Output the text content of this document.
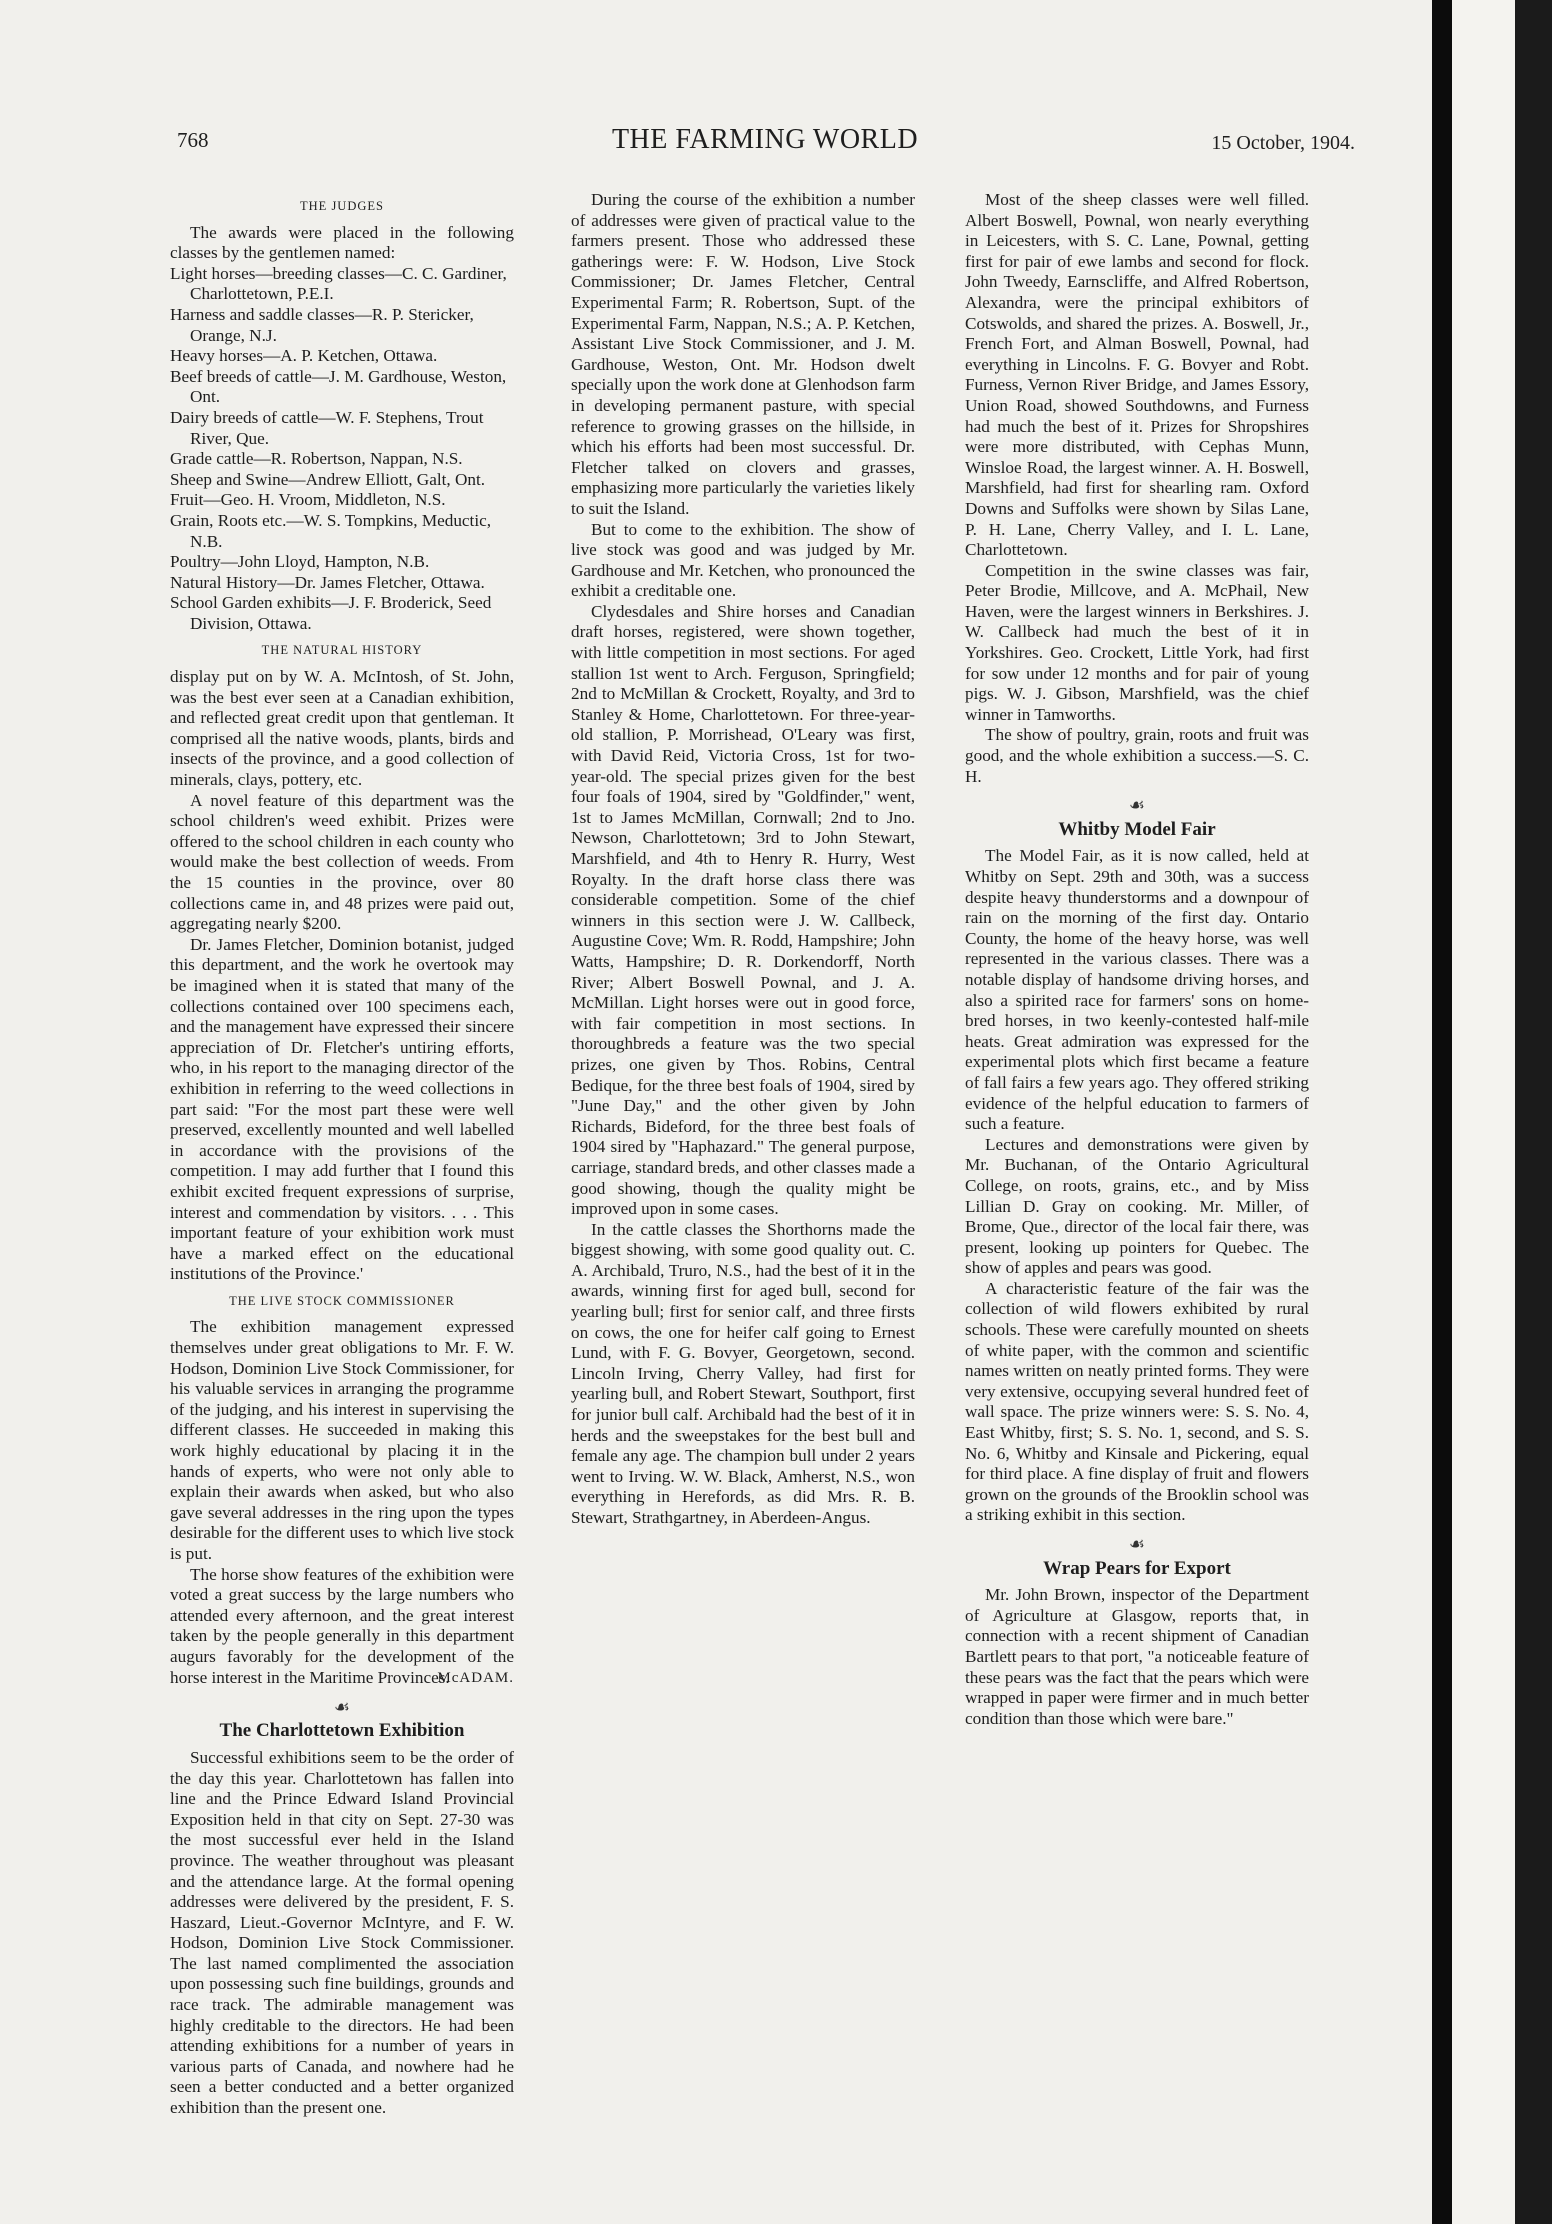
768	THE FARMING WORLD	15 October, 1904.
THE JUDGES

The awards were placed in the following classes by the gentlemen named:

Light horses—breeding classes—C. C. Gardiner, Charlottetown, P.E.I.
Harness and saddle classes—R. P. Stericker, Orange, N.J.
Heavy horses—A. P. Ketchen, Ottawa.
Beef breeds of cattle—J. M. Gardhouse, Weston, Ont.
Dairy breeds of cattle—W. F. Stephens, Trout River, Que.
Grade cattle—R. Robertson, Nappan, N.S.
Sheep and Swine—Andrew Elliott, Galt, Ont.
Fruit—Geo. H. Vroom, Middleton, N.S.
Grain, Roots etc.—W. S. Tompkins, Meductic, N.B.
Poultry—John Lloyd, Hampton, N.B.
Natural History—Dr. James Fletcher, Ottawa.
School Garden exhibits—J. F. Broderick, Seed Division, Ottawa.
THE NATURAL HISTORY

display put on by W. A. McIntosh, of St. John, was the best ever seen at a Canadian exhibition, and reflected great credit upon that gentleman. It comprised all the native woods, plants, birds and insects of the province, and a good collection of minerals, clays, pottery, etc.

A novel feature of this department was the school children's weed exhibit. Prizes were offered to the school children in each county who would make the best collection of weeds. From the 15 counties in the province, over 80 collections came in, and 48 prizes were paid out, aggregating nearly $200.

Dr. James Fletcher, Dominion botanist, judged this department, and the work he overtook may be imagined when it is stated that many of the collections contained over 100 specimens each, and the management have expressed their sincere appreciation of Dr. Fletcher's untiring efforts, who, in his report to the managing director of the exhibition in referring to the weed collections in part said: "For the most part these were well preserved, excellently mounted and well labelled in accordance with the provisions of the competition. I may add further that I found this exhibit excited frequent expressions of surprise, interest and commendation by visitors. . . . This important feature of your exhibition work must have a marked effect on the educational institutions of the Province.'

THE LIVE STOCK COMMISSIONER

The exhibition management expressed themselves under great obligations to Mr. F. W. Hodson, Dominion Live Stock Commissioner, for his valuable services in arranging the programme of the judging, and his interest in supervising the different classes. He succeeded in making this work highly educational by placing it in the hands of experts, who were not only able to explain their awards when asked, but who also gave several addresses in the ring upon the types desirable for the different uses to which live stock is put.

The horse show features of the exhibition were voted a great success by the large numbers who attended every afternoon, and the great interest taken by the people generally in this department augurs favorably for the development of the horse interest in the Maritime Provinces.

McADAM.
☙
The Charlottetown Exhibition

Successful exhibitions seem to be the order of the day this year. Charlottetown has fallen into line and the Prince Edward Island Provincial Exposition held in that city on Sept. 27-30 was the most successful ever held in the Island province. The weather throughout was pleasant and the attendance large. At the formal opening addresses were delivered by the president, F. S. Haszard, Lieut.-Governor McIntyre, and F. W. Hodson, Dominion Live Stock Commissioner. The last named complimented the association upon possessing such fine buildings, grounds and race track. The admirable management was highly creditable to the directors. He had been attending exhibitions for a number of years in various parts of Canada, and nowhere had he seen a better conducted and a better organized exhibition than the present one.

During the course of the exhibition a number of addresses were given of practical value to the farmers present. Those who addressed these gatherings were: F. W. Hodson, Live Stock Commissioner; Dr. James Fletcher, Central Experimental Farm; R. Robertson, Supt. of the Experimental Farm, Nappan, N.S.; A. P. Ketchen, Assistant Live Stock Commissioner, and J. M. Gardhouse, Weston, Ont. Mr. Hodson dwelt specially upon the work done at Glenhodson farm in developing permanent pasture, with special reference to growing grasses on the hillside, in which his efforts had been most successful. Dr. Fletcher talked on clovers and grasses, emphasizing more particularly the varieties likely to suit the Island.

But to come to the exhibition. The show of live stock was good and was judged by Mr. Gardhouse and Mr. Ketchen, who pronounced the exhibit a creditable one.

Clydesdales and Shire horses and Canadian draft horses, registered, were shown together, with little competition in most sections. For aged stallion 1st went to Arch. Ferguson, Springfield; 2nd to McMillan & Crockett, Royalty, and 3rd to Stanley & Home, Charlottetown. For three-year-old stallion, P. Morrishead, O'Leary was first, with David Reid, Victoria Cross, 1st for two-year-old. The special prizes given for the best four foals of 1904, sired by "Goldfinder," went, 1st to James McMillan, Cornwall; 2nd to Jno. Newson, Charlottetown; 3rd to John Stewart, Marshfield, and 4th to Henry R. Hurry, West Royalty. In the draft horse class there was considerable competition. Some of the chief winners in this section were J. W. Callbeck, Augustine Cove; Wm. R. Rodd, Hampshire; John Watts, Hampshire; D. R. Dorkendorff, North River; Albert Boswell Pownal, and J. A. McMillan. Light horses were out in good force, with fair competition in most sections. In thoroughbreds a feature was the two special prizes, one given by Thos. Robins, Central Bedique, for the three best foals of 1904, sired by "June Day," and the other given by John Richards, Bideford, for the three best foals of 1904 sired by "Haphazard." The general purpose, carriage, standard breds, and other classes made a good showing, though the quality might be improved upon in some cases.

In the cattle classes the Shorthorns made the biggest showing, with some good quality out. C. A. Archibald, Truro, N.S., had the best of it in the awards, winning first for aged bull, second for yearling bull; first for senior calf, and three firsts on cows, the one for heifer calf going to Ernest Lund, with F. G. Bovyer, Georgetown, second. Lincoln Irving, Cherry Valley, had first for yearling bull, and Robert Stewart, Southport, first for junior bull calf. Archibald had the best of it in herds and the sweepstakes for the best bull and female any age. The champion bull under 2 years went to Irving. W. W. Black, Amherst, N.S., won everything in Herefords, as did Mrs. R. B. Stewart, Strathgartney, in Aberdeen-Angus.

Most of the sheep classes were well filled. Albert Boswell, Pownal, won nearly everything in Leicesters, with S. C. Lane, Pownal, getting first for pair of ewe lambs and second for flock. John Tweedy, Earnscliffe, and Alfred Robertson, Alexandra, were the principal exhibitors of Cotswolds, and shared the prizes. A. Boswell, Jr., French Fort, and Alman Boswell, Pownal, had everything in Lincolns. F. G. Bovyer and Robt. Furness, Vernon River Bridge, and James Essory, Union Road, showed Southdowns, and Furness had much the best of it. Prizes for Shropshires were more distributed, with Cephas Munn, Winsloe Road, the largest winner. A. H. Boswell, Marshfield, had first for shearling ram. Oxford Downs and Suffolks were shown by Silas Lane, P. H. Lane, Cherry Valley, and I. L. Lane, Charlottetown.

Competition in the swine classes was fair, Peter Brodie, Millcove, and A. McPhail, New Haven, were the largest winners in Berkshires. J. W. Callbeck had much the best of it in Yorkshires. Geo. Crockett, Little York, had first for sow under 12 months and for pair of young pigs. W. J. Gibson, Marshfield, was the chief winner in Tamworths.

The show of poultry, grain, roots and fruit was good, and the whole exhibition a success.—S. C. H.

☙
Whitby Model Fair

The Model Fair, as it is now called, held at Whitby on Sept. 29th and 30th, was a success despite heavy thunderstorms and a downpour of rain on the morning of the first day. Ontario County, the home of the heavy horse, was well represented in the various classes. There was a notable display of handsome driving horses, and also a spirited race for farmers' sons on home-bred horses, in two keenly-contested half-mile heats. Great admiration was expressed for the experimental plots which first became a feature of fall fairs a few years ago. They offered striking evidence of the helpful education to farmers of such a feature.

Lectures and demonstrations were given by Mr. Buchanan, of the Ontario Agricultural College, on roots, grains, etc., and by Miss Lillian D. Gray on cooking. Mr. Miller, of Brome, Que., director of the local fair there, was present, looking up pointers for Quebec. The show of apples and pears was good.

A characteristic feature of the fair was the collection of wild flowers exhibited by rural schools. These were carefully mounted on sheets of white paper, with the common and scientific names written on neatly printed forms. They were very extensive, occupying several hundred feet of wall space. The prize winners were: S. S. No. 4, East Whitby, first; S. S. No. 1, second, and S. S. No. 6, Whitby and Kinsale and Pickering, equal for third place. A fine display of fruit and flowers grown on the grounds of the Brooklin school was a striking exhibit in this section.

☙
Wrap Pears for Export

Mr. John Brown, inspector of the Department of Agriculture at Glasgow, reports that, in connection with a recent shipment of Canadian Bartlett pears to that port, "a noticeable feature of these pears was the fact that the pears which were wrapped in paper were firmer and in much better condition than those which were bare."
